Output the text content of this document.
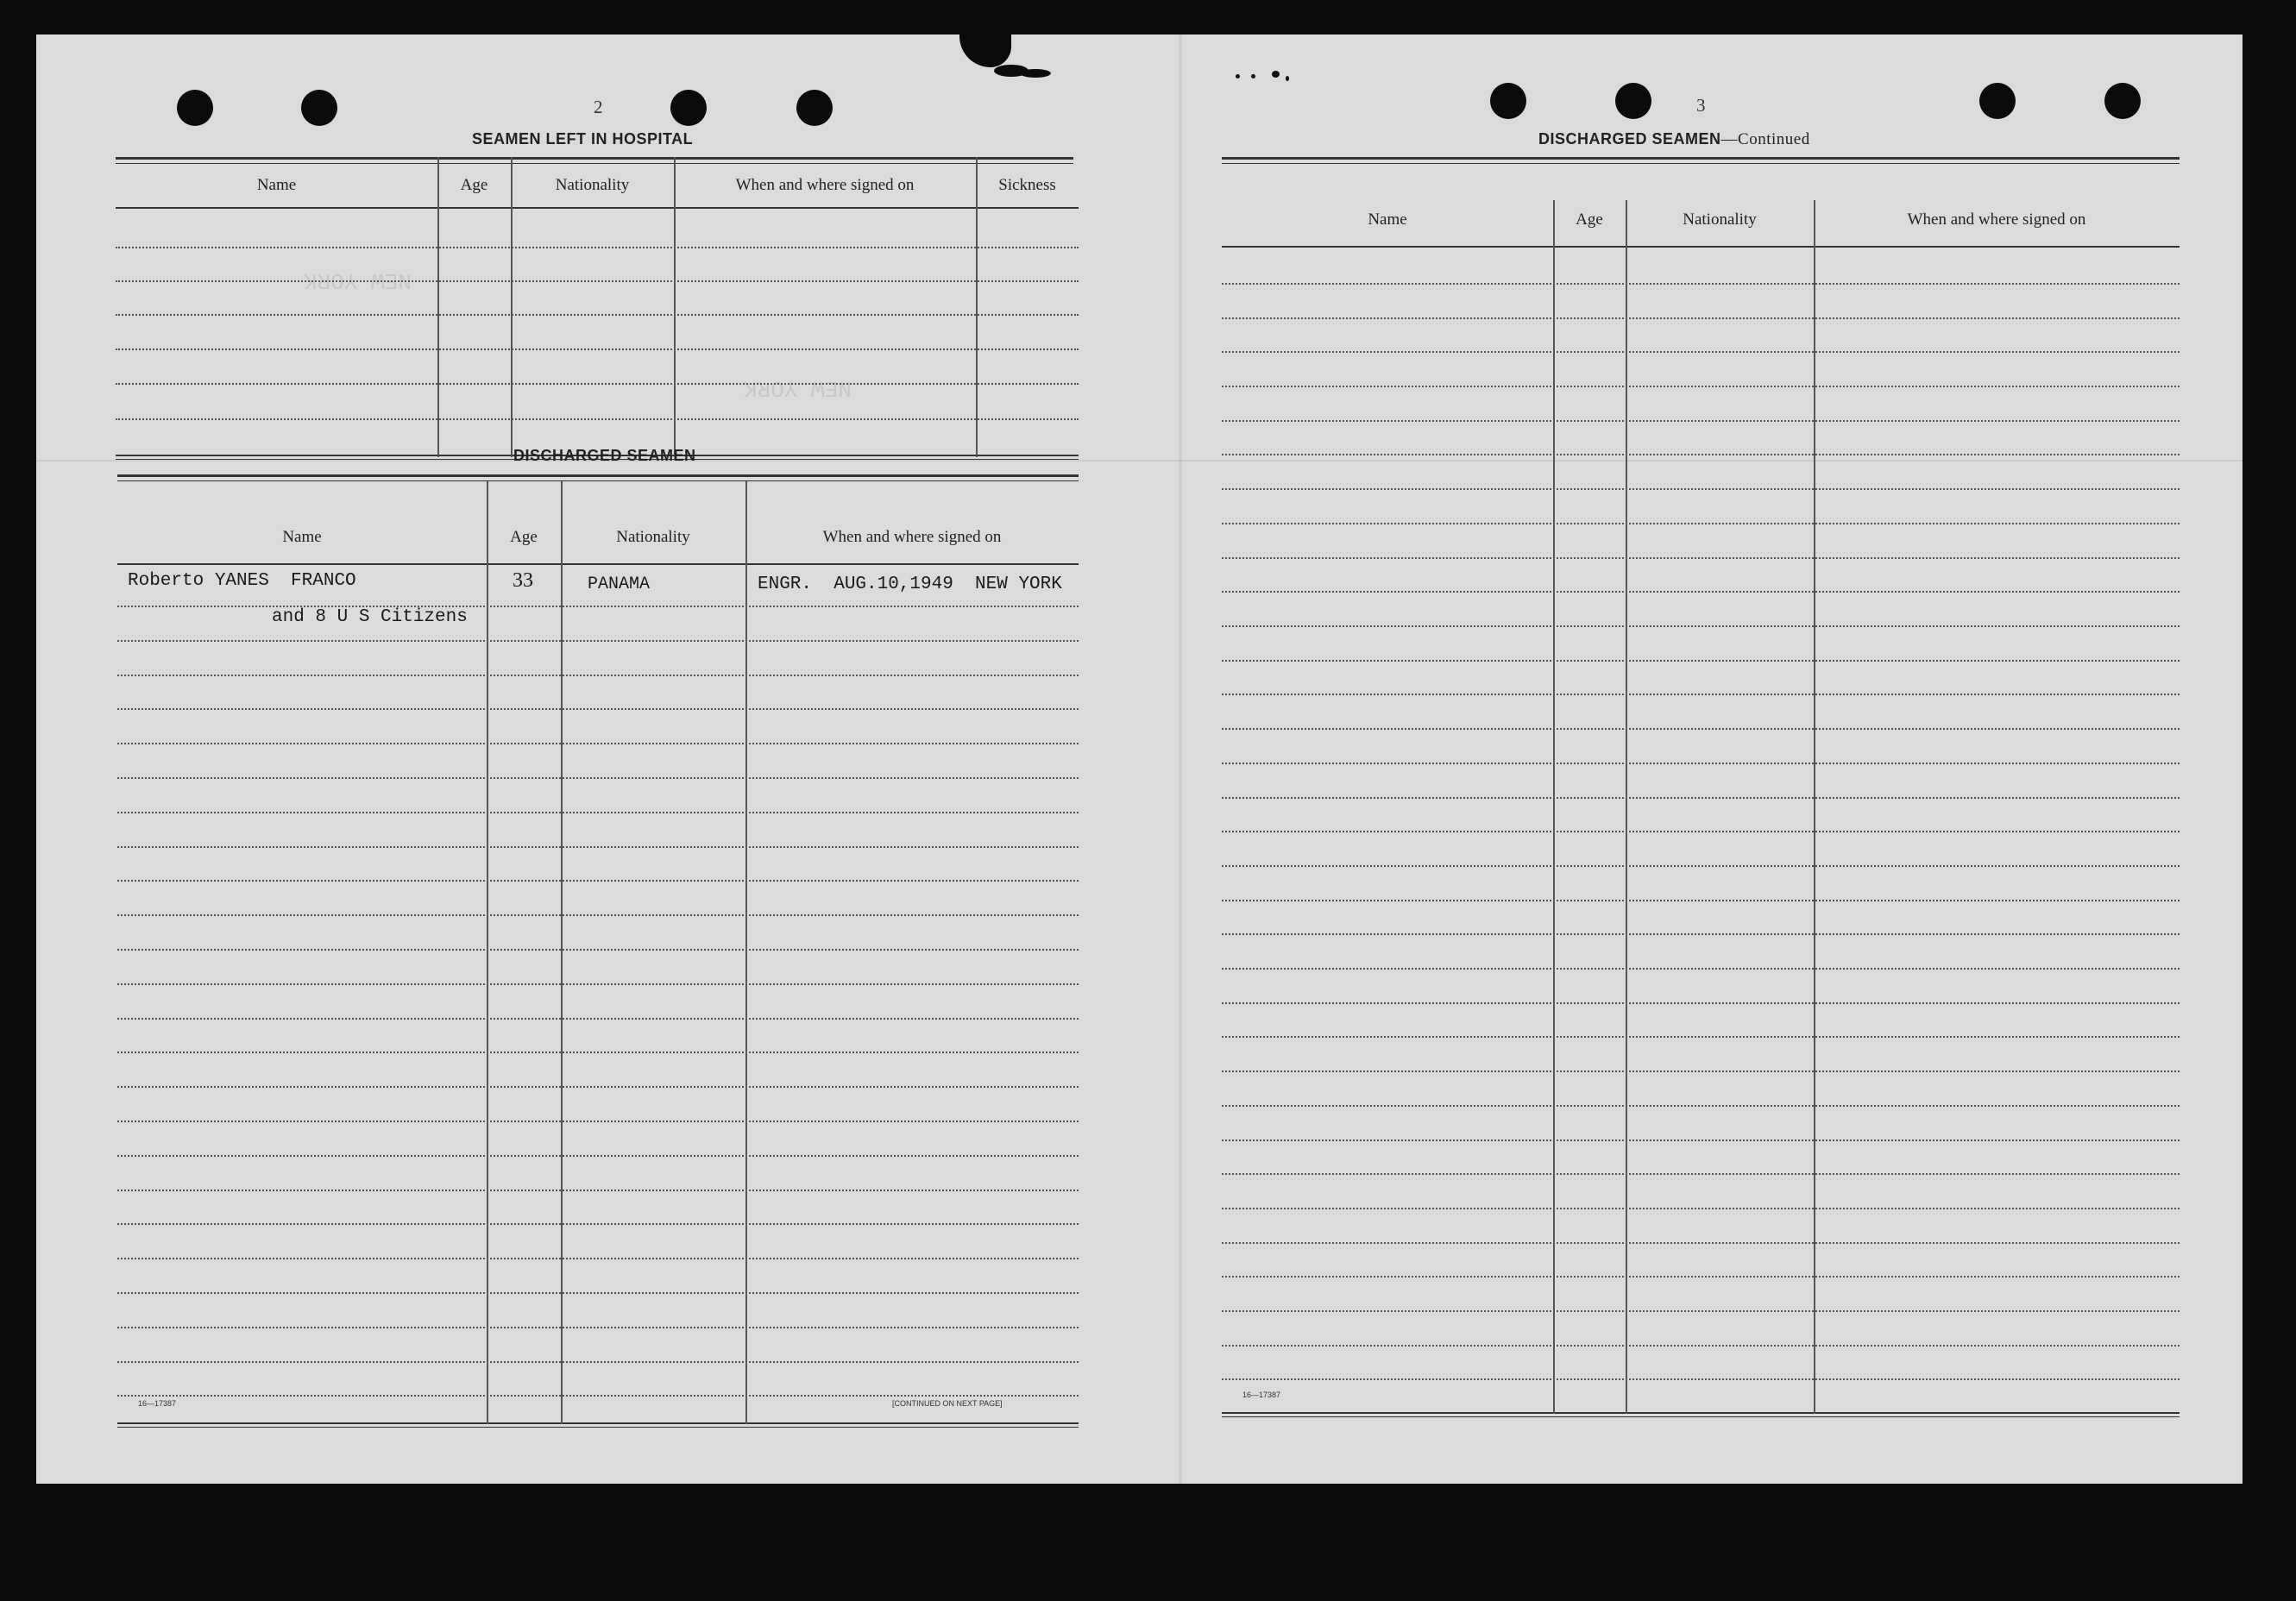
NEW YORK
NEW YORK
2
SEAMEN LEFT IN HOSPITAL
Name	Age	Nationality	When and where signed on	Sickness
DISCHARGED SEAMEN
Name	Age	Nationality	When and where signed on
Roberto YANES  FRANCO	33	PANAMA	ENGR.  AUG.10,1949  NEW YORK
and 8 U S Citizens
16—17387	[CONTINUED ON NEXT PAGE]
3
DISCHARGED SEAMEN—Continued
Name	Age	Nationality	When and where signed on
16—17387
